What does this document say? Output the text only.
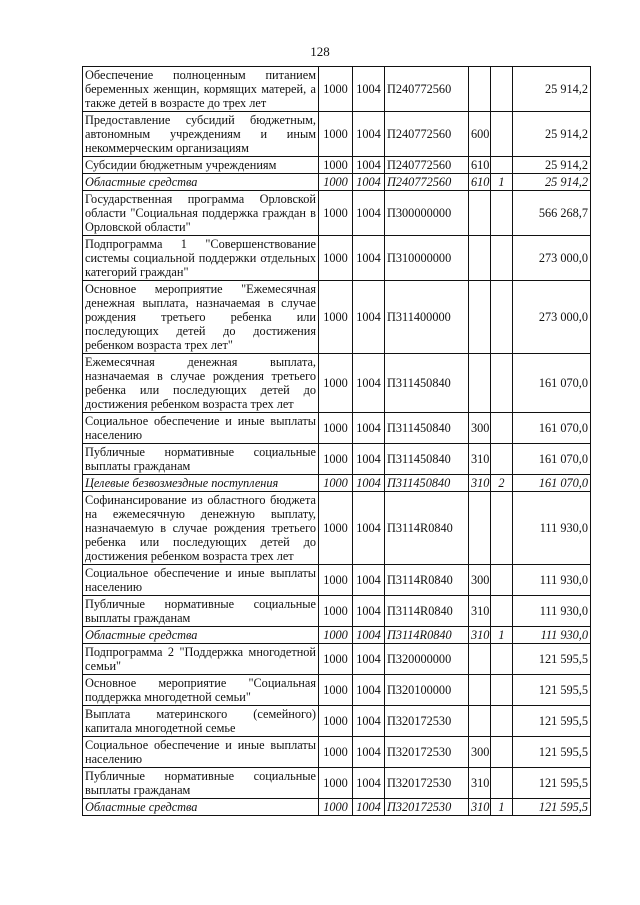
128
Обеспечение полноценным питанием беременных женщин, кормящих матерей, а также детей в возрасте до трех лет	1000	1004	П240772560			25 914,2
Предоставление субсидий бюджетным, автономным учреждениям и иным некоммерческим организациям	1000	1004	П240772560	600		25 914,2
Субсидии бюджетным учреждениям	1000	1004	П240772560	610		25 914,2
Областные средства	1000	1004	П240772560	610	1	25 914,2
Государственная программа Орловской области "Социальная поддержка граждан в Орловской области"	1000	1004	П300000000			566 268,7
Подпрограмма 1 "Совершенствование системы социальной поддержки отдельных категорий граждан"	1000	1004	П310000000			273 000,0
Основное мероприятие "Ежемесячная денежная выплата, назначаемая в случае рождения третьего ребенка или последующих детей до достижения ребенком возраста трех лет"	1000	1004	П311400000			273 000,0
Ежемесячная денежная выплата, назначаемая в случае рождения третьего ребенка или последующих детей до достижения ребенком возраста трех лет	1000	1004	П311450840			161 070,0
Социальное обеспечение и иные выплаты населению	1000	1004	П311450840	300		161 070,0
Публичные нормативные социальные выплаты гражданам	1000	1004	П311450840	310		161 070,0
Целевые безвозмездные поступления	1000	1004	П311450840	310	2	161 070,0
Софинансирование из областного бюджета на ежемесячную денежную выплату, назначаемую в случае рождения третьего ребенка или последующих детей до достижения ребенком возраста трех лет	1000	1004	П3114R0840			111 930,0
Социальное обеспечение и иные выплаты населению	1000	1004	П3114R0840	300		111 930,0
Публичные нормативные социальные выплаты гражданам	1000	1004	П3114R0840	310		111 930,0
Областные средства	1000	1004	П3114R0840	310	1	111 930,0
Подпрограмма 2 "Поддержка многодетной семьи"	1000	1004	П320000000			121 595,5
Основное мероприятие "Социальная поддержка многодетной семьи"	1000	1004	П320100000			121 595,5
Выплата материнского (семейного) капитала многодетной семье	1000	1004	П320172530			121 595,5
Социальное обеспечение и иные выплаты населению	1000	1004	П320172530	300		121 595,5
Публичные нормативные социальные выплаты гражданам	1000	1004	П320172530	310		121 595,5
Областные средства	1000	1004	П320172530	310	1	121 595,5
